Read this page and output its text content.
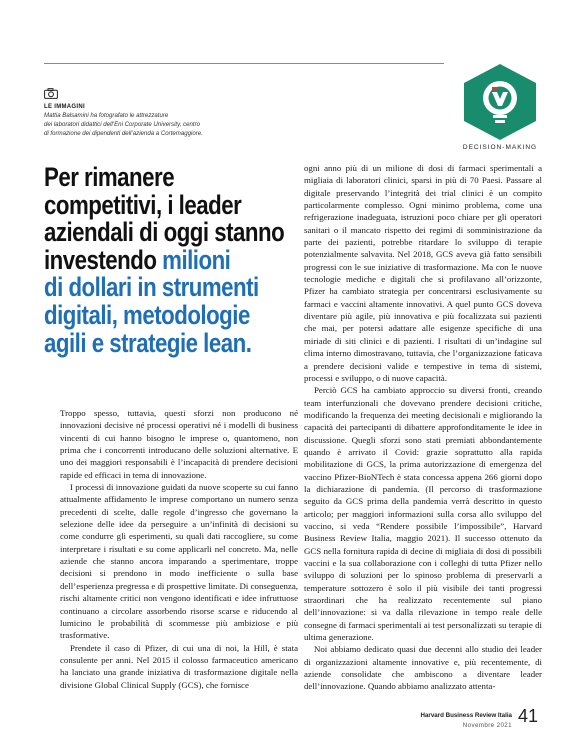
LE IMMAGINI
Mattia Balsamini ha fotografato le attrezzature
dei laboratori didattici dell’Eni Corporate University, centro
di formazione dei dipendenti dell’azienda a Cortemaggiore.
DECISION-MAKING
Per rimanere
competitivi, i leader
aziendali di oggi stanno
investendo milioni
di dollari in strumenti
digitali, metodologie
agili e strategie lean.

Troppo spesso, tuttavia, questi sforzi non producono né innovazioni decisive né processi operativi né i modelli di business vincenti di cui hanno bisogno le imprese o, quantomeno, non prima che i concorrenti introducano delle soluzioni alternative. E uno dei maggiori responsabili è l’incapacità di prendere decisioni rapide ed efficaci in tema di innovazione.

I processi di innovazione guidati da nuove scoperte su cui fanno attualmente affidamento le imprese comportano un numero senza precedenti di scelte, dalle regole d’ingresso che governano la selezione delle idee da perseguire a un’infinità di decisioni su come condurre gli esperimenti, su quali dati raccogliere, su come interpretare i risultati e su come applicarli nel concreto. Ma, nelle aziende che stanno ancora imparando a sperimentare, troppe decisioni si prendono in modo inefficiente o sulla base dell’esperienza pregressa e di prospettive limitate. Di conseguenza, rischi altamente critici non vengono identificati e idee infruttuose continuano a circolare assorbendo risorse scarse e riducendo al lumicino le probabilità di scommesse più ambiziose e più trasformative.

Prendete il caso di Pfizer, di cui una di noi, la Hill, è stata consulente per anni. Nel 2015 il colosso farmaceutico americano ha lanciato una grande iniziativa di trasformazione digitale nella divisione Global Clinical Supply (GCS), che fornisce

ogni anno più di un milione di dosi di farmaci sperimentali a migliaia di laboratori clinici, sparsi in più di 70 Paesi. Passare al digitale preservando l’integrità dei trial clinici è un compito particolarmente complesso. Ogni minimo problema, come una refrigerazione inadeguata, istruzioni poco chiare per gli operatori sanitari o il mancato rispetto dei regimi di somministrazione da parte dei pazienti, potrebbe ritardare lo sviluppo di terapie potenzialmente salvavita. Nel 2018, GCS aveva già fatto sensibili progressi con le sue iniziative di trasformazione. Ma con le nuove tecnologie mediche e digitali che si profilavano all’orizzonte, Pfizer ha cambiato strategia per concentrarsi esclusivamente su farmaci e vaccini altamente innovativi. A quel punto GCS doveva diventare più agile, più innovativa e più focalizzata sui pazienti che mai, per potersi adattare alle esigenze specifiche di una miriade di siti clinici e di pazienti. I risultati di un’indagine sul clima interno dimostravano, tuttavia, che l’organizzazione faticava a prendere decisioni valide e tempestive in tema di sistemi, processi e sviluppo, o di nuove capacità.

Perciò GCS ha cambiato approccio su diversi fronti, creando team interfunzionali che dovevano prendere decisioni critiche, modificando la frequenza dei meeting decisionali e migliorando la capacità dei partecipanti di dibattere approfonditamente le idee in discussione. Quegli sforzi sono stati premiati abbondantemente quando è arrivato il Covid: grazie soprattutto alla rapida mobilitazione di GCS, la prima autorizzazione di emergenza del vaccino Pfizer-BioNTech è stata concessa appena 266 giorni dopo la dichiarazione di pandemia. (Il percorso di trasformazione seguito da GCS prima della pandemia verrà descritto in questo articolo; per maggiori informazioni sulla corsa allo sviluppo del vaccino, si veda “Rendere possibile l’impossibile”, Harvard Business Review Italia, maggio 2021). Il successo ottenuto da GCS nella fornitura rapida di decine di migliaia di dosi di possibili vaccini e la sua collaborazione con i colleghi di tutta Pfizer nello sviluppo di soluzioni per lo spinoso problema di preservarli a temperature sottozero è solo il più visibile dei tanti progressi straordinari che ha realizzato recentemente sul piano dell’innovazione: si va dalla rilevazione in tempo reale delle consegne di farmaci sperimentali ai test personalizzati su terapie di ultima generazione.

Noi abbiamo dedicato quasi due decenni allo studio dei leader di organizzazioni altamente innovative e, più recentemente, di aziende consolidate che ambiscono a diventare leader dell’innovazione. Quando abbiamo analizzato attenta-

Harvard Business Review Italia
Novembre 2021 41
